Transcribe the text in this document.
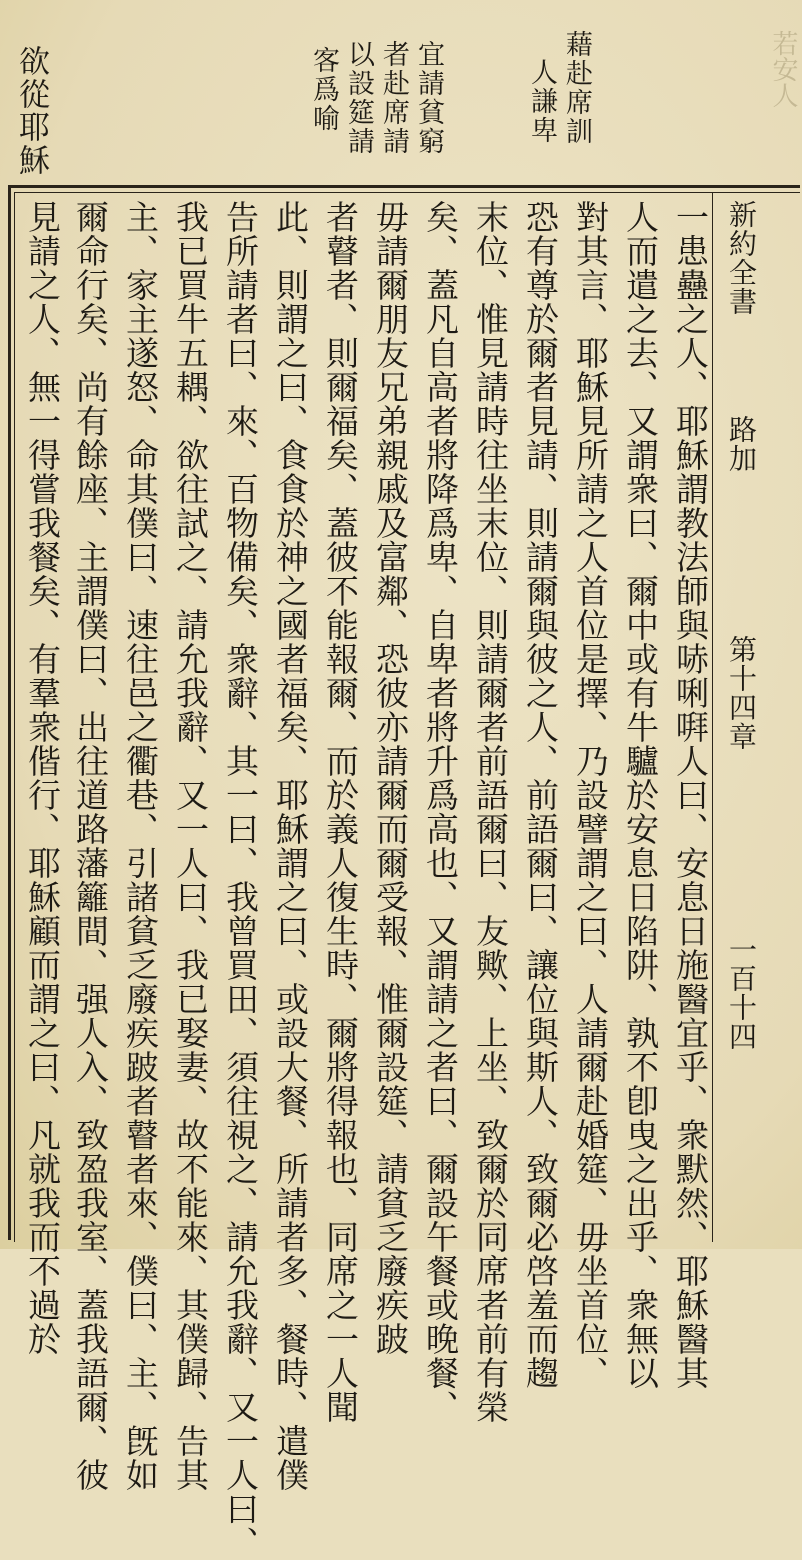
若安人
藉赴席訓
人謙卑
宜請貧窮
者赴席請
以設筵請
客爲喻
欲從耶穌
新約全書
路加
第十四章
一百十四
一患蠱之人、耶穌謂教法師與哧唎㗑人曰、安息日施醫宜乎、衆默然、耶穌醫其
人而遣之去、又謂衆曰、爾中或有牛驢於安息日陷阱、孰不卽曳之出乎、衆無以
對其言、耶穌見所請之人首位是擇、乃設譬謂之曰、人請爾赴婚筵、毋坐首位、
恐有尊於爾者見請、則請爾與彼之人、前語爾曰、讓位與斯人、致爾必啓羞而趨
末位、惟見請時往坐末位、則請爾者前語爾曰、友歟、上坐、致爾於同席者前有榮
矣、蓋凡自高者將降爲卑、自卑者將升爲高也、又謂請之者曰、爾設午餐或晚餐、
毋請爾朋友兄弟親戚及富鄰、恐彼亦請爾而爾受報、惟爾設筵、請貧乏廢疾跛
者瞽者、則爾福矣、蓋彼不能報爾、而於義人復生時、爾將得報也、同席之一人聞
此、則謂之曰、食食於神之國者福矣、耶穌謂之曰、或設大餐、所請者多、餐時、遣僕
告所請者曰、來、百物備矣、衆辭、其一曰、我曾買田、須往視之、請允我辭、又一人曰、
我已買牛五耦、欲往試之、請允我辭、又一人曰、我已娶妻、故不能來、其僕歸、告其
主、家主遂怒、命其僕曰、速往邑之衢巷、引諸貧乏廢疾跛者瞽者來、僕曰、主、旣如
爾命行矣、尚有餘座、主謂僕曰、出往道路藩籬間、强人入、致盈我室、蓋我語爾、彼
見請之人、無一得嘗我餐矣、有羣衆偕行、耶穌顧而謂之曰、凡就我而不過於
